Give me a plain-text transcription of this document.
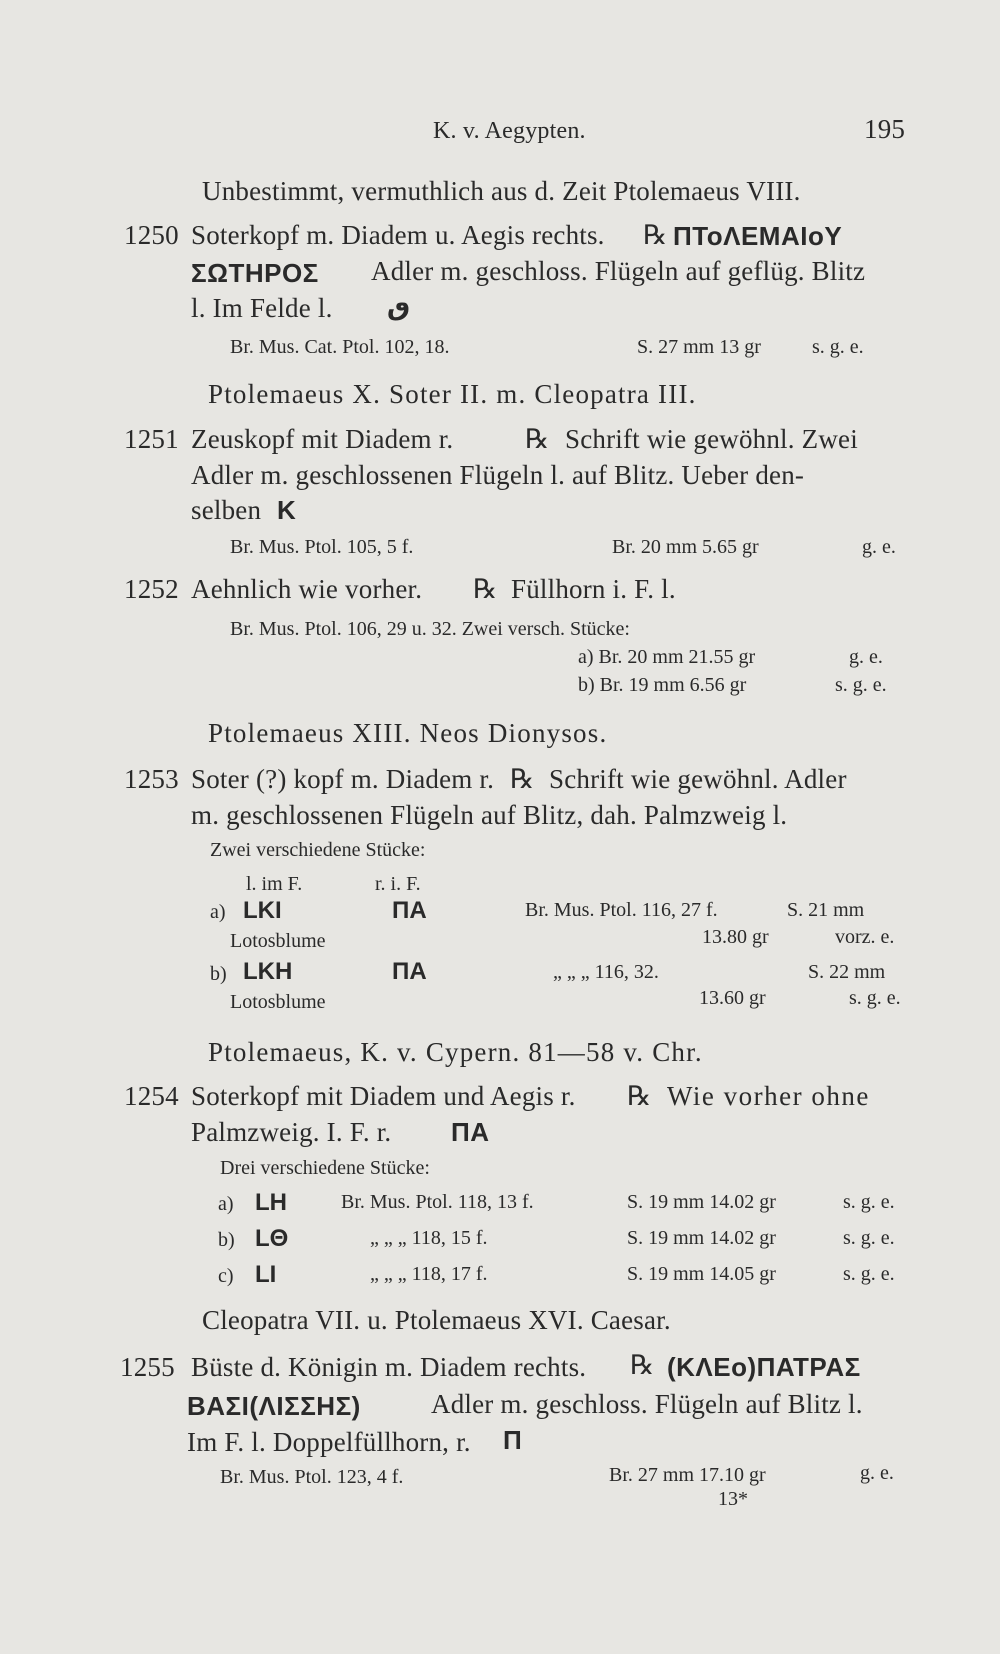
K. v. Aegypten.	195
Unbestimmt, vermuthlich aus d. Zeit Ptolemaeus VIII.
1250 Soterkopf m. Diadem u. Aegis rechts. ℞ ΠΤοΛΕΜΑΙοΥ
ΣΩΤΗΡΟΣ Adler m. geschloss. Flügeln auf geflüg. Blitz
l. Im Felde l. ٯ
Br. Mus. Cat. Ptol. 102, 18.	S. 27 mm 13 gr	s. g. e.
Ptolemaeus X. Soter II. m. Cleopatra III.
1251 Zeuskopf mit Diadem r.	℞ Schrift wie gewöhnl. Zwei
Adler m. geschlossenen Flügeln l. auf Blitz. Ueber den-
selben K
Br. Mus. Ptol. 105, 5 f.	Br. 20 mm 5.65 gr	g. e.
1252 Aehnlich wie vorher. ℞ Füllhorn i. F. l.
Br. Mus. Ptol. 106, 29 u. 32. Zwei versch. Stücke:
a) Br. 20 mm 21.55 gr	g. e.
b) Br. 19 mm 6.56 gr	s. g. e.
Ptolemaeus XIII. Neos Dionysos.
1253 Soter (?) kopf m. Diadem r. ℞ Schrift wie gewöhnl. Adler
m. geschlossenen Flügeln auf Blitz, dah. Palmzweig l.
Zwei verschiedene Stücke:
l. im F.	r. i. F.
a) LKI	ΠΑ	Br. Mus. Ptol. 116, 27 f.	S. 21 mm
Lotosblume	13.80 gr	vorz. e.
b) LKH	ΠΑ	„ „ „ 116, 32.	S. 22 mm
Lotosblume	13.60 gr	s. g. e.
Ptolemaeus, K. v. Cypern. 81—58 v. Chr.
1254 Soterkopf mit Diadem und Aegis r. ℞ Wie vorher ohne
Palmzweig. I. F. r. ΠΑ
Drei verschiedene Stücke:
a) LH	Br. Mus. Ptol. 118, 13 f.	S. 19 mm 14.02 gr	s. g. e.
b) LΘ	„ „ „ 118, 15 f.	S. 19 mm 14.02 gr	s. g. e.
c) LI	„ „ „ 118, 17 f.	S. 19 mm 14.05 gr	s. g. e.
Cleopatra VII. u. Ptolemaeus XVI. Caesar.
1255 Büste d. Königin m. Diadem rechts. ℞ (ΚΛΕο)ΠΑΤΡΑΣ
ΒΑΣΙ(ΛΙΣΣΗΣ)	Adler m. geschloss. Flügeln auf Blitz l.
Im F. l. Doppelfüllhorn, r. Π
Br. Mus. Ptol. 123, 4 f.	Br. 27 mm 17.10 gr	g. e.
13*
